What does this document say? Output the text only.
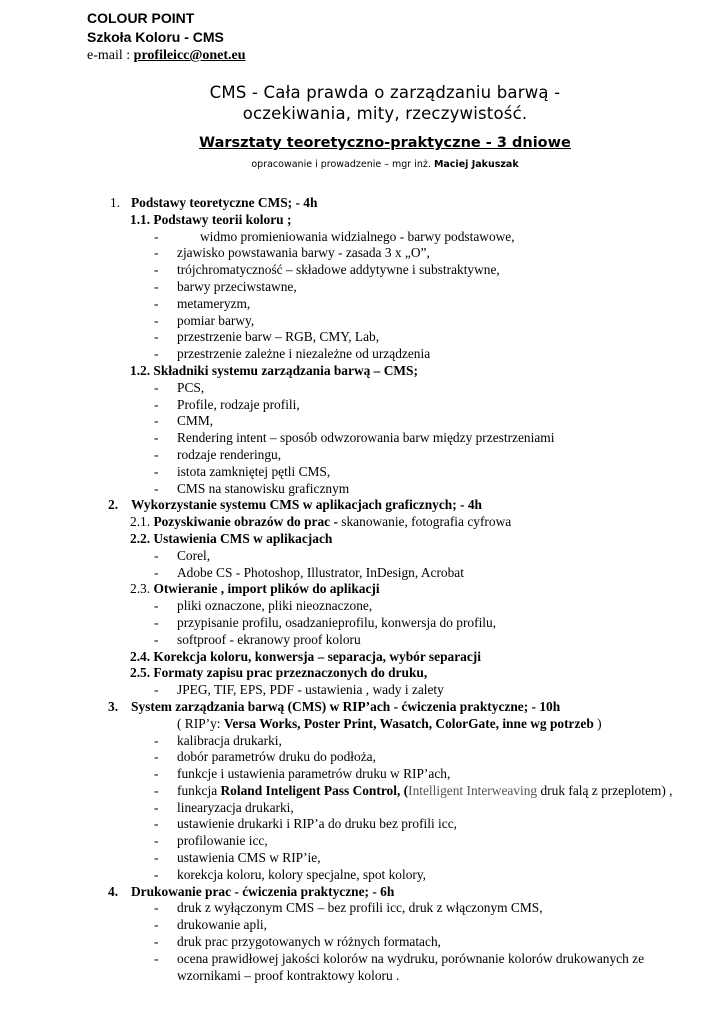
COLOUR POINT
Szkoła Koloru - CMS
e-mail : profileicc@onet.eu
CMS - Cała prawda o zarządzaniu barwą -
oczekiwania, mity, rzeczywistość.
Warsztaty teoretyczno-praktyczne - 3 dniowe
opracowanie i prowadzenie – mgr inż. Maciej Jakuszak
1. Podstawy teoretyczne CMS; - 4h
1.1. Podstawy teorii koloru ;
-	widmo promieniowania widzialnego - barwy podstawowe,
- zjawisko powstawania barwy - zasada 3 x „O”,
- trójchromatyczność – składowe addytywne i substraktywne,
- barwy przeciwstawne,
- metameryzm,
- pomiar barwy,
- przestrzenie barw – RGB, CMY, Lab,
- przestrzenie zależne i niezależne od urządzenia
1.2. Składniki systemu zarządzania barwą – CMS;
- PCS,
- Profile, rodzaje profili,
- CMM,
- Rendering intent – sposób odwzorowania barw między przestrzeniami
- rodzaje renderingu,
- istota zamkniętej pętli CMS,
- CMS na stanowisku graficznym
2. Wykorzystanie systemu CMS w aplikacjach graficznych; - 4h
2.1. Pozyskiwanie obrazów do prac - skanowanie, fotografia cyfrowa
2.2. Ustawienia CMS w aplikacjach
- Corel,
- Adobe CS - Photoshop, Illustrator, InDesign, Acrobat
2.3. Otwieranie , import plików do aplikacji
- pliki oznaczone, pliki nieoznaczone,
- przypisanie profilu, osadzanieprofilu, konwersja do profilu,
- softproof - ekranowy proof koloru
2.4. Korekcja koloru, konwersja – separacja, wybór separacji
2.5. Formaty zapisu prac przeznaczonych do druku,
- JPEG, TIF, EPS, PDF - ustawienia , wady i zalety
3. System zarządzania barwą (CMS) w RIP’ach - ćwiczenia praktyczne; - 10h
( RIP’y: Versa Works, Poster Print, Wasatch, ColorGate, inne wg potrzeb )
- kalibracja drukarki,
- dobór parametrów druku do podłoża,
- funkcje i ustawienia parametrów druku w RIP’ach,
- funkcja Roland Inteligent Pass Control, (Intelligent Interweaving druk falą z przeplotem) ,
- linearyzacja drukarki,
- ustawienie drukarki i RIP’a do druku bez profili icc,
- profilowanie icc,
- ustawienia CMS w RIP’ie,
- korekcja koloru, kolory specjalne, spot kolory,
4. Drukowanie prac - ćwiczenia praktyczne; - 6h
- druk z wyłączonym CMS – bez profili icc, druk z włączonym CMS,
- drukowanie apli,
- druk prac przygotowanych w różnych formatach,
- ocena prawidłowej jakości kolorów na wydruku, porównanie kolorów drukowanych ze wzornikami – proof kontraktowy koloru .
